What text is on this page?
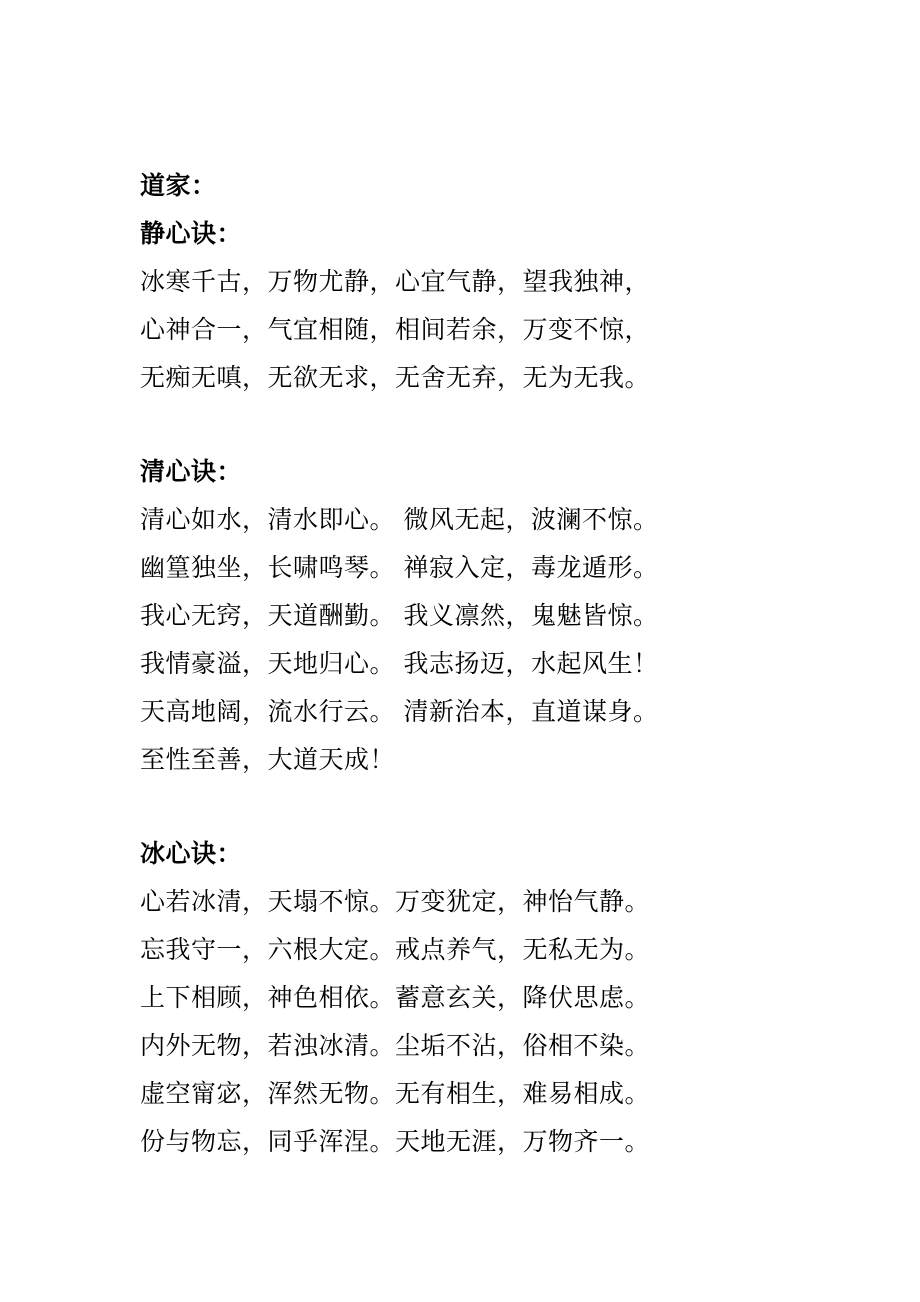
道家：
静心诀：
冰寒千古，万物尤静，心宜气静，望我独神，
心神合一，气宜相随，相间若余，万变不惊，
无痴无嗔，无欲无求，无舍无弃，无为无我。
清心诀：
清心如水，清水即心。 微风无起，波澜不惊。
幽篁独坐，长啸鸣琴。 禅寂入定，毒龙遁形。
我心无窍，天道酬勤。 我义凛然，鬼魅皆惊。
我情豪溢，天地归心。 我志扬迈，水起风生！
天高地阔，流水行云。 清新治本，直道谋身。
至性至善，大道天成！
冰心诀：
心若冰清，天塌不惊。万变犹定，神怡气静。
忘我守一，六根大定。戒点养气，无私无为。
上下相顾，神色相依。蓄意玄关，降伏思虑。
内外无物，若浊冰清。尘垢不沾，俗相不染。
虚空甯宓，浑然无物。无有相生，难易相成。
份与物忘，同乎浑涅。天地无涯，万物齐一。
